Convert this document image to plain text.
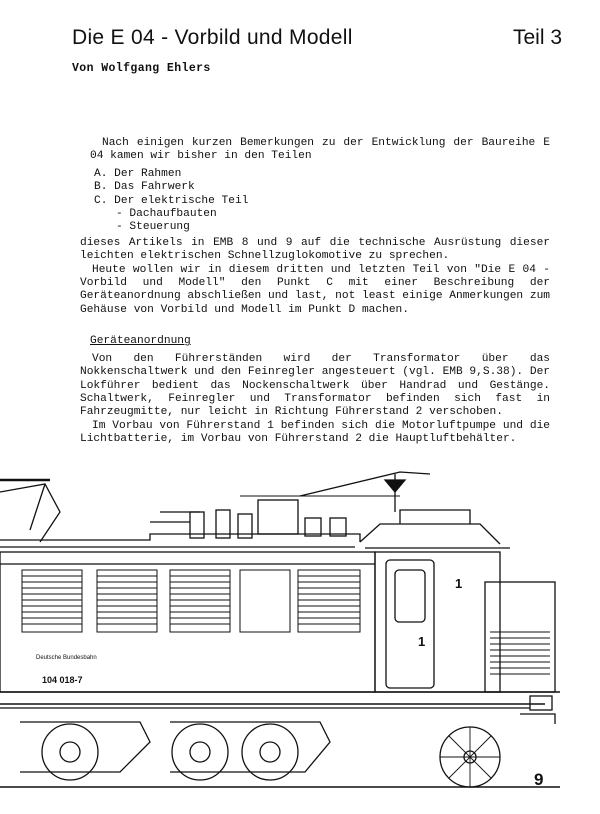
Die E 04 - Vorbild und Modell	Teil 3
Von Wolfgang Ehlers

Nach einigen kurzen Bemerkungen zu der Entwicklung der Baureihe E 04 kamen wir bisher in den Teilen

A. Der Rahmen
B. Das Fahrwerk
C. Der elektrische Teil
- Dachaufbauten
- Steuerung

dieses Artikels in EMB 8 und 9 auf die technische Ausrüstung dieser leichten elektrischen Schnellzuglokomotive zu sprechen.

Heute wollen wir in diesem dritten und letzten Teil von "Die E 04 - Vorbild und Modell" den Punkt C mit einer Beschreibung der Geräteanordnung abschließen und last, not least einige Anmerkungen zum Gehäuse von Vorbild und Modell im Punkt D machen.

Geräteanordnung

Von den Führerständen wird der Transformator über das Nokkenschaltwerk und den Feinregler angesteuert (vgl. EMB 9,S.38). Der Lokführer bedient das Nockenschaltwerk über Handrad und Gestänge. Schaltwerk, Feinregler und Transformator befinden sich fast in Fahrzeugmitte, nur leicht in Richtung Führerstand 2 verschoben.

Im Vorbau von Führerstand 1 befinden sich die Motorluftpumpe und die Lichtbatterie, im Vorbau von Führerstand 2 die Hauptluftbehälter.

Deutsche Bundesbahn
104 018-7
1
1
9
